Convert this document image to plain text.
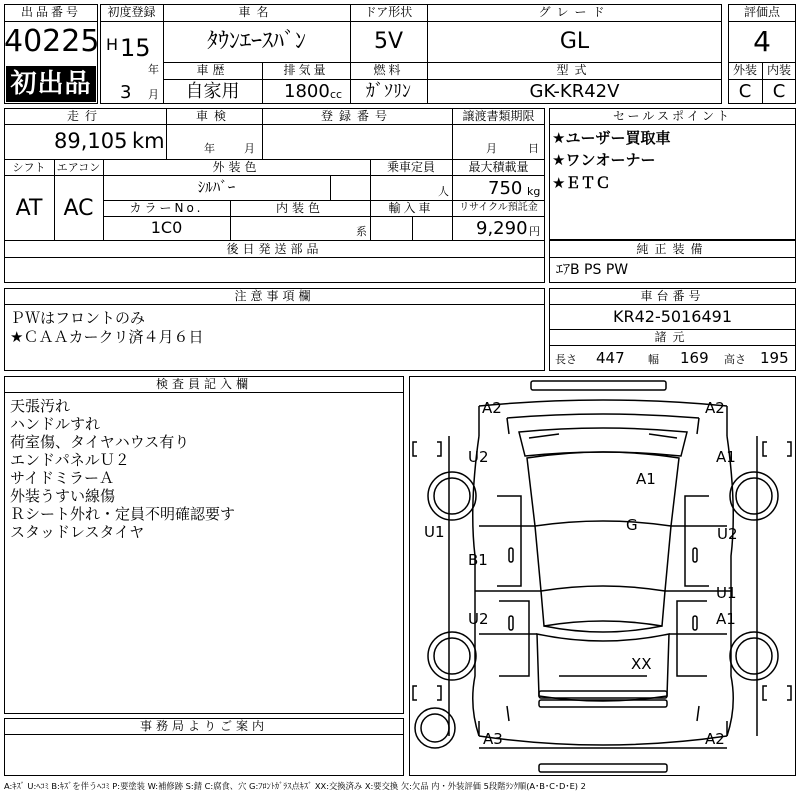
出品番号
40225
初出品
初度登録
H 15
年
3 月
車名
ﾀｳﾝｴｰｽﾊﾞﾝ
ドア形状
5V
グレード
GL
車歴
自家用
排気量
1800 cc
燃料
ｶﾞｿﾘﾝ
型式
GK-KR42V
評価点
4
外装 内装
C	C
走行
89,105 km
車検
年	月
登録番号	譲渡書類期限
月	日
シフト
AT
エアコン
AC
外装色
ｼﾙﾊﾞｰ
乗車定員
人
最大積載量
750 kg
カラーNo.
1C0
内装色
系
輸入車	リサイクル預託金
9,290 円
後日発送部品
セールスポイント
★ユーザー買取車
★ワンオーナー
★ＥＴＣ
純正装備
ｴｱB PS PW
注意事項欄
ＰＷはフロントのみ
★ＣＡＡカークリ済４月６日
車台番号
KR42-5016491
諸元
長さ 447 幅 169 高さ 195
検査員記入欄
天張汚れ
ハンドルすれ
荷室傷、タイヤハウス有り
エンドパネルＵ２
サイドミラーＡ
外装うすい線傷
Ｒシート外れ・定員不明確認要す
スタッドレスタイヤ
事務局よりご案内
A2	A2
U2	A1
A1
G
U1	U2
B1
U1
A1
U2
XX
A3	A2
A:ｷｽﾞ U:ﾍｺﾐ B:ｷｽﾞを伴うﾍｺﾐ P:要塗装 W:補修跡 S:錆 C:腐食、穴 G:ﾌﾛﾝﾄｶﾞﾗｽ点ｷｽﾞ XX:交換済み X:要交換 欠:欠品 内・外装評価 5段階ﾗﾝｸ順(A･B･C･D･E) 2
